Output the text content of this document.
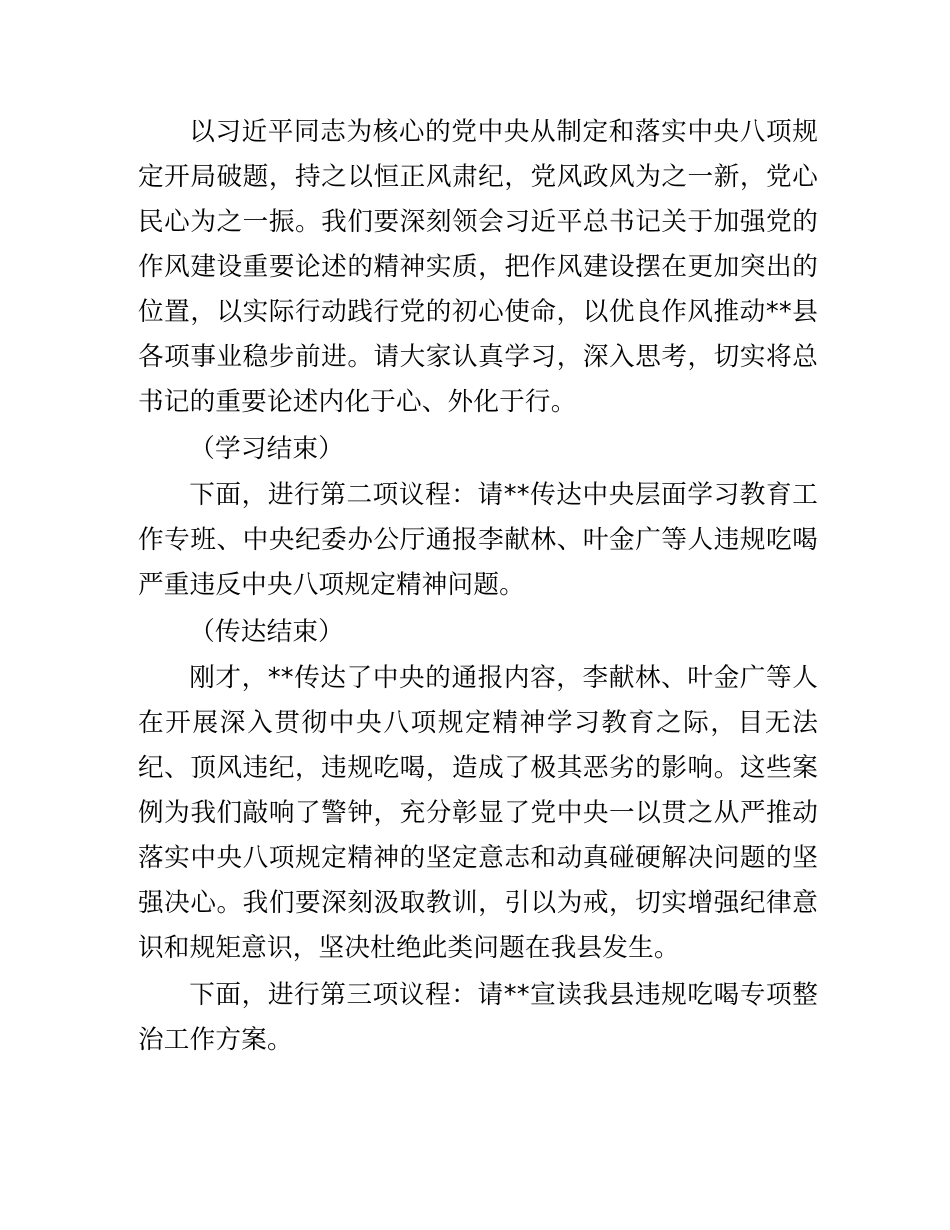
以习近平同志为核心的党中央从制定和落实中央八项规定开局破题，持之以恒正风肃纪，党风政风为之一新，党心民心为之一振。我们要深刻领会习近平总书记关于加强党的作风建设重要论述的精神实质，把作风建设摆在更加突出的位置，以实际行动践行党的初心使命，以优良作风推动**县各项事业稳步前进。请大家认真学习，深入思考，切实将总书记的重要论述内化于心、外化于行。

（学习结束）

下面，进行第二项议程：请**传达中央层面学习教育工作专班、中央纪委办公厅通报李献林、叶金广等人违规吃喝严重违反中央八项规定精神问题。

（传达结束）

刚才，**传达了中央的通报内容，李献林、叶金广等人在开展深入贯彻中央八项规定精神学习教育之际，目无法纪、顶风违纪，违规吃喝，造成了极其恶劣的影响。这些案例为我们敲响了警钟，充分彰显了党中央一以贯之从严推动落实中央八项规定精神的坚定意志和动真碰硬解决问题的坚强决心。我们要深刻汲取教训，引以为戒，切实增强纪律意识和规矩意识，坚决杜绝此类问题在我县发生。

下面，进行第三项议程：请**宣读我县违规吃喝专项整治工作方案。
